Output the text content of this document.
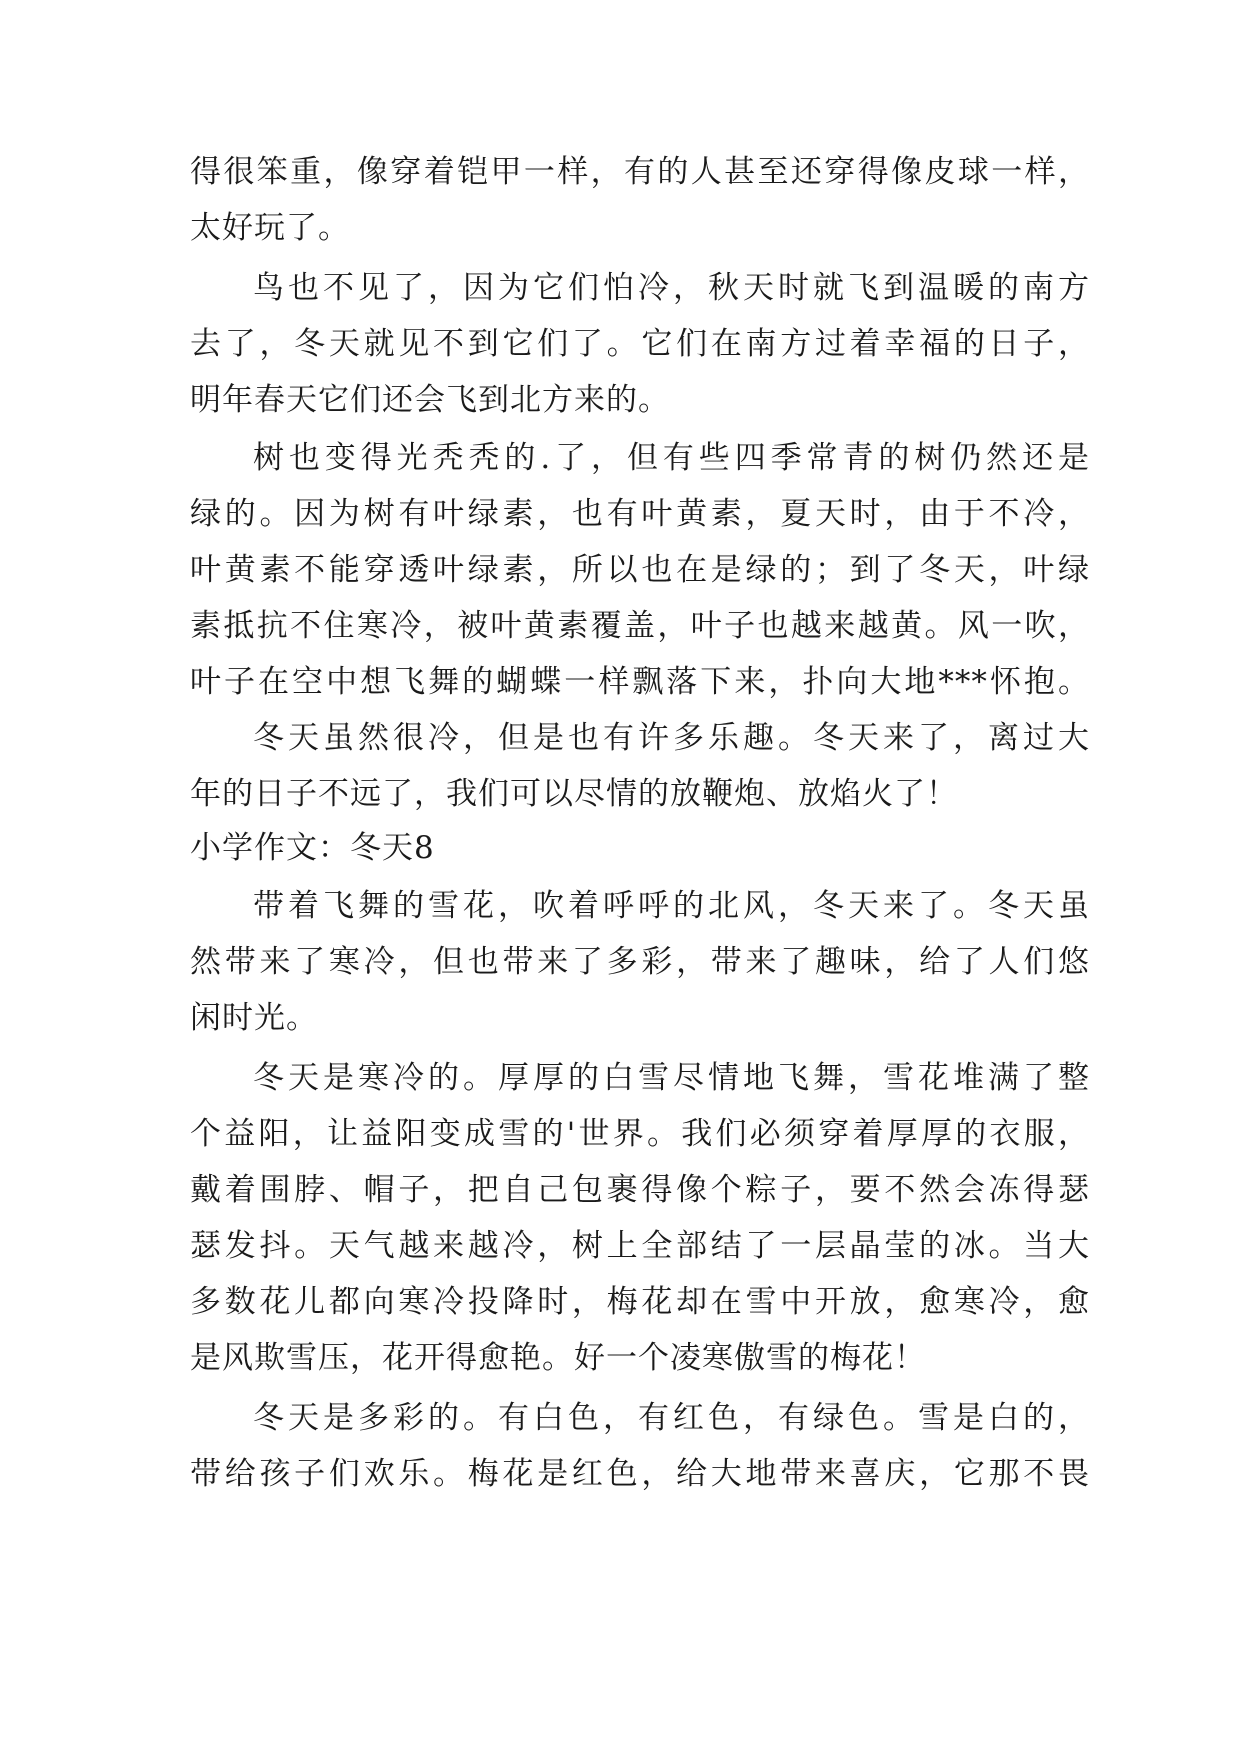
得很笨重，像穿着铠甲一样，有的人甚至还穿得像皮球一样，
太好玩了。
鸟也不见了，因为它们怕冷，秋天时就飞到温暖的南方
去了，冬天就见不到它们了。它们在南方过着幸福的日子，
明年春天它们还会飞到北方来的。
树也变得光秃秃的.了，但有些四季常青的树仍然还是
绿的。因为树有叶绿素，也有叶黄素，夏天时，由于不冷，
叶黄素不能穿透叶绿素，所以也在是绿的；到了冬天，叶绿
素抵抗不住寒冷，被叶黄素覆盖，叶子也越来越黄。风一吹，
叶子在空中想飞舞的蝴蝶一样飘落下来，扑向大地***怀抱。
冬天虽然很冷，但是也有许多乐趣。冬天来了，离过大
年的日子不远了，我们可以尽情的放鞭炮、放焰火了！
小学作文：冬天8
带着飞舞的雪花，吹着呼呼的北风，冬天来了。冬天虽
然带来了寒冷，但也带来了多彩，带来了趣味，给了人们悠
闲时光。
冬天是寒冷的。厚厚的白雪尽情地飞舞，雪花堆满了整
个益阳，让益阳变成雪的'世界。我们必须穿着厚厚的衣服，
戴着围脖、帽子，把自己包裹得像个粽子，要不然会冻得瑟
瑟发抖。天气越来越冷，树上全部结了一层晶莹的冰。当大
多数花儿都向寒冷投降时，梅花却在雪中开放，愈寒冷，愈
是风欺雪压，花开得愈艳。好一个凌寒傲雪的梅花！
冬天是多彩的。有白色，有红色，有绿色。雪是白的，
带给孩子们欢乐。梅花是红色，给大地带来喜庆，它那不畏
